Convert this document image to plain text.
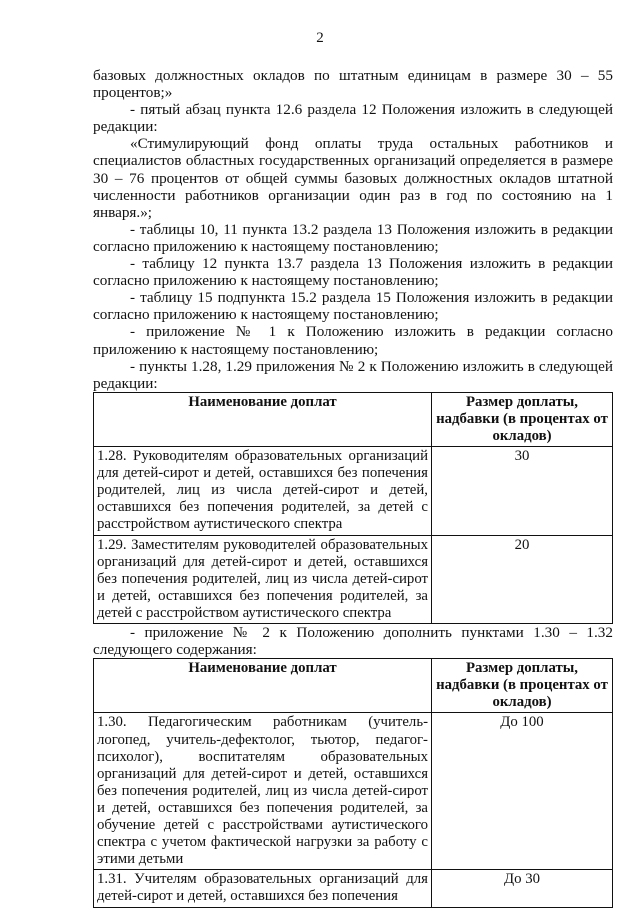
2

базовых должностных окладов по штатным единицам в размере 30 – 55 процентов;»

- пятый абзац пункта 12.6 раздела 12 Положения изложить в следующей редакции:

«Стимулирующий фонд оплаты труда остальных работников и специалистов областных государственных организаций определяется в размере 30 – 76 процентов от общей суммы базовых должностных окладов штатной численности работников организации один раз в год по состоянию на 1 января.»;

- таблицы 10, 11 пункта 13.2 раздела 13 Положения изложить в редакции согласно приложению к настоящему постановлению;

- таблицу 12 пункта 13.7 раздела 13 Положения изложить в редакции согласно приложению к настоящему постановлению;

- таблицу 15 подпункта 15.2 раздела 15 Положения изложить в редакции согласно приложению к настоящему постановлению;

- приложение № 1 к Положению изложить в редакции согласно приложению к настоящему постановлению;

- пункты 1.28, 1.29 приложения № 2 к Положению изложить в следующей редакции:

Наименование доплат	Размер доплаты, надбавки (в процентах от окладов)
1.28. Руководителям образовательных организаций для детей-сирот и детей, оставшихся без попечения родителей, лиц из числа детей-сирот и детей, оставшихся без попечения родителей, за детей с расстройством аутистического спектра	30
1.29. Заместителям руководителей образовательных организаций для детей-сирот и детей, оставшихся без попечения родителей, лиц из числа детей-сирот и детей, оставшихся без попечения родителей, за детей с расстройством аутистического спектра	20

- приложение № 2 к Положению дополнить пунктами 1.30 – 1.32 следующего содержания:

Наименование доплат	Размер доплаты, надбавки (в процентах от окладов)
1.30. Педагогическим работникам (учитель-логопед, учитель-дефектолог, тьютор, педагог-психолог), воспитателям образовательных организаций для детей-сирот и детей, оставшихся без попечения родителей, лиц из числа детей-сирот и детей, оставшихся без попечения родителей, за обучение детей с расстройствами аутистического спектра с учетом фактической нагрузки за работу с этими детьми	До 100
1.31. Учителям образовательных организаций для детей-сирот и детей, оставшихся без попечения	До 30
